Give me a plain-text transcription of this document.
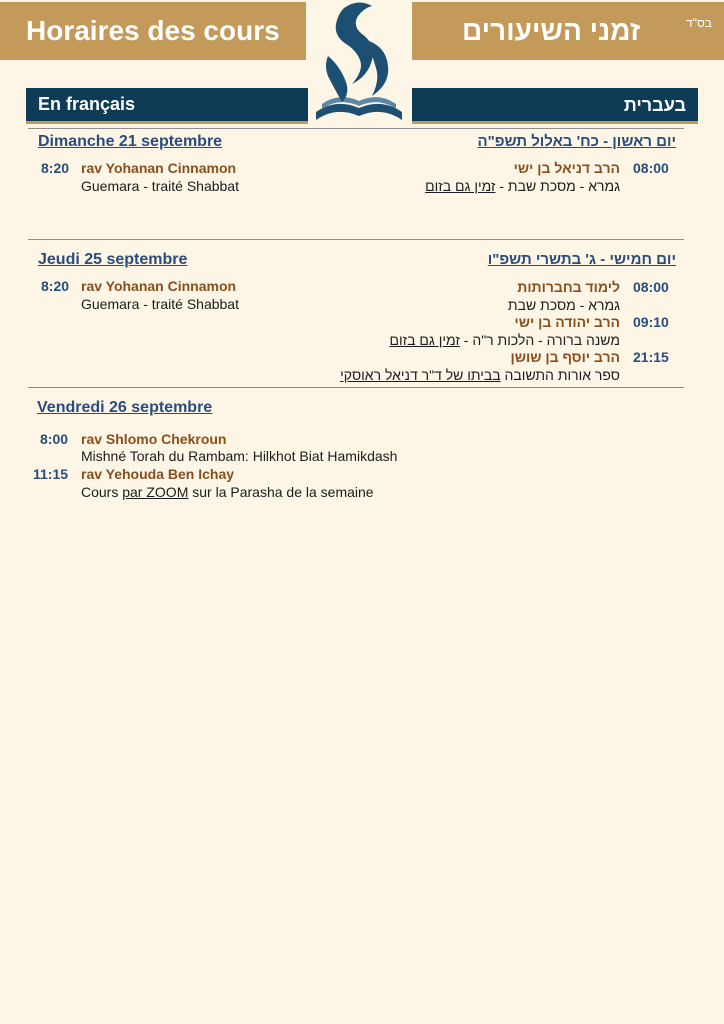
Horaires des cours	זמני השיעורים	בס"ד
En français	בעברית
Dimanche 21 septembre	יום ראשון - כח' באלול תשפ"ה
8:20 rav Yohanan Cinnamon
Guemara - traité Shabbat
08:00
הרב דניאל בן ישי
גמרא - מסכת שבת - זמין גם בזום
Jeudi 25 septembre	יום חמישי - ג' בתשרי תשפ"ו
8:20 rav Yohanan Cinnamon
Guemara - traité Shabbat
08:00
לימוד בחברותות
גמרא - מסכת שבת
09:10
הרב יהודה בן ישי
משנה ברורה - הלכות ר"ה - זמין גם בזום
21:15
הרב יוסף בן שושן
ספר אורות התשובה בביתו של ד"ר דניאל ראוסקי
Vendredi 26 septembre
8:00 rav Shlomo Chekroun
Mishné Torah du Rambam: Hilkhot Biat Hamikdash
11:15 rav Yehouda Ben Ichay
Cours par ZOOM sur la Parasha de la semaine
